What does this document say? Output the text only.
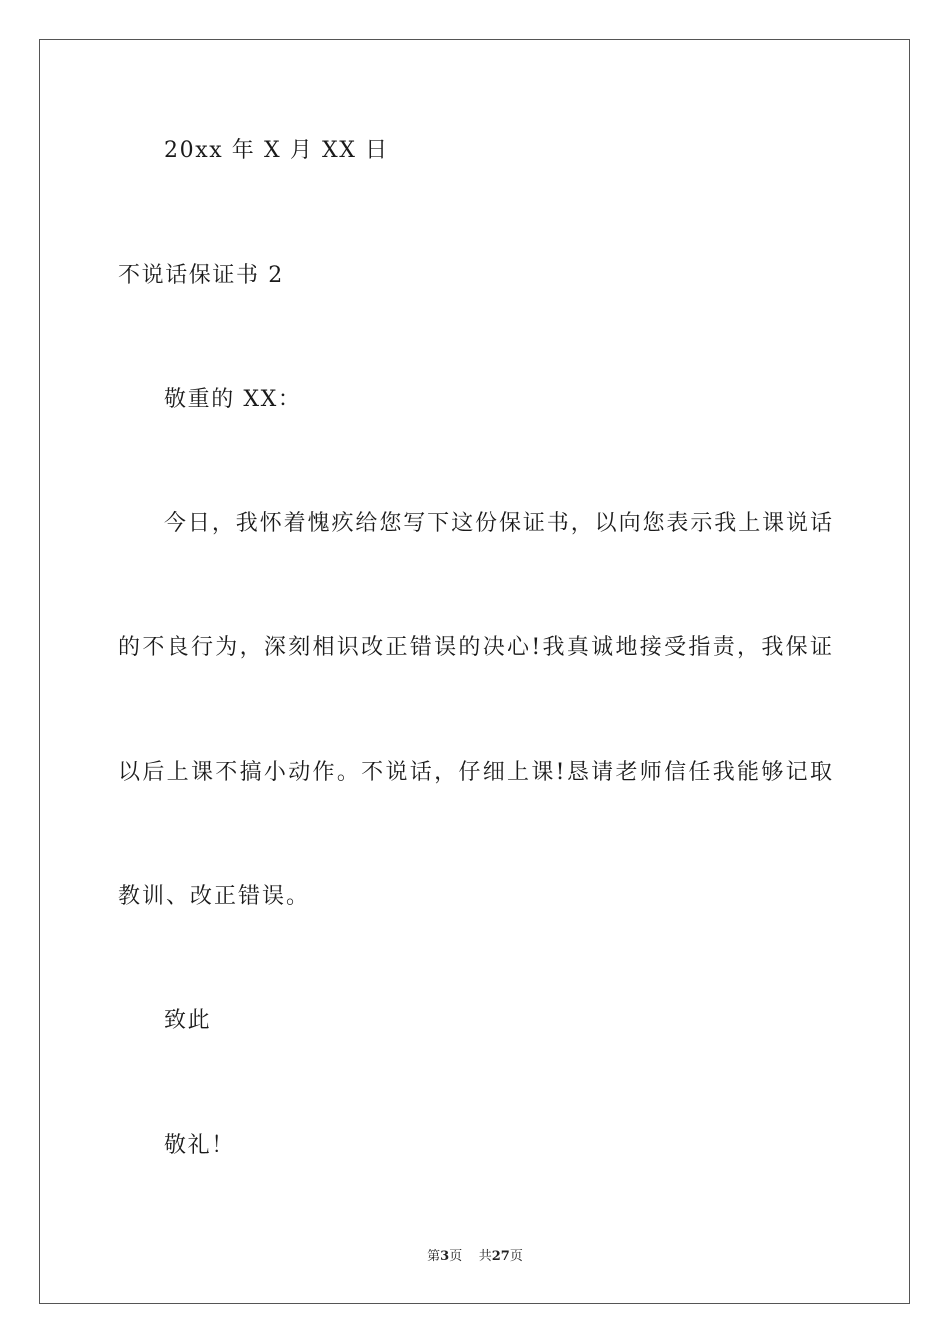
20xx 年 X 月 XX 日
不说话保证书 2
敬重的 XX：
今日，我怀着愧疚给您写下这份保证书，以向您表示我上课说话
的不良行为，深刻相识改正错误的决心!我真诚地接受指责，我保证
以后上课不搞小动作。不说话，仔细上课!恳请老师信任我能够记取
教训、改正错误。
致此
敬礼！
第3页 共27页
